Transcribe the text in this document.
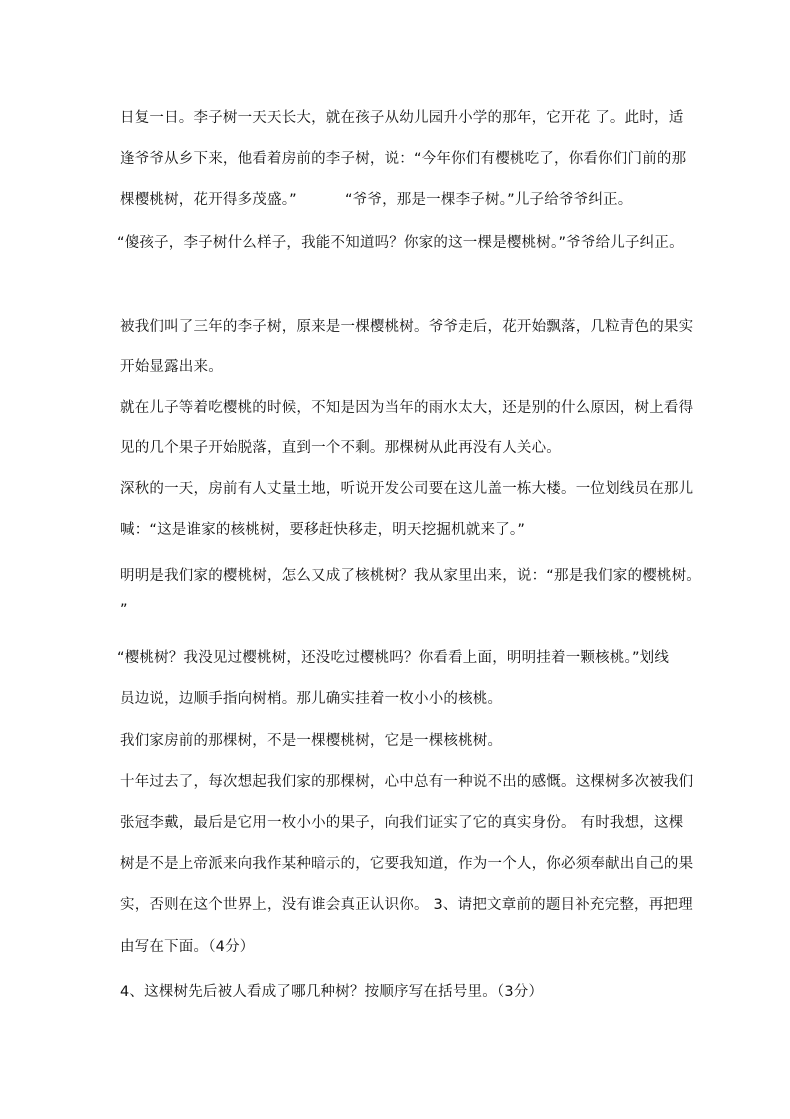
日复一日。李子树一天天长大，就在孩子从幼儿园升小学的那年，它开花 了。此时，适
逢爷爷从乡下来，他看着房前的李子树，说：“今年你们有樱桃吃了，你看你们门前的那
棵樱桃树，花开得多茂盛。”          “爷爷，那是一棵李子树。”儿子给爷爷纠正。
“傻孩子，李子树什么样子，我能不知道吗？你家的这一棵是樱桃树。”爷爷给儿子纠正。
被我们叫了三年的李子树，原来是一棵樱桃树。爷爷走后，花开始飘落，几粒青色的果实
开始显露出来。
就在儿子等着吃樱桃的时候，不知是因为当年的雨水太大，还是别的什么原因，树上看得
见的几个果子开始脱落，直到一个不剩。那棵树从此再没有人关心。
深秋的一天，房前有人丈量土地，听说开发公司要在这儿盖一栋大楼。一位划线员在那儿
喊：“这是谁家的核桃树，要移赶快移走，明天挖掘机就来了。”
明明是我们家的樱桃树，怎么又成了核桃树？我从家里出来，说：“那是我们家的樱桃树。
”
“樱桃树？我没见过樱桃树，还没吃过樱桃吗？你看看上面，明明挂着一颗核桃。”划线
员边说，边顺手指向树梢。那儿确实挂着一枚小小的核桃。
我们家房前的那棵树，不是一棵樱桃树，它是一棵核桃树。
十年过去了，每次想起我们家的那棵树，心中总有一种说不出的感慨。这棵树多次被我们
张冠李戴，最后是它用一枚小小的果子，向我们证实了它的真实身份。 有时我想，这棵
树是不是上帝派来向我作某种暗示的，它要我知道，作为一个人，你必须奉献出自己的果
实，否则在这个世界上，没有谁会真正认识你。 3、请把文章前的题目补充完整，再把理
由写在下面。（4分）
4、这棵树先后被人看成了哪几种树？按顺序写在括号里。（3分）
